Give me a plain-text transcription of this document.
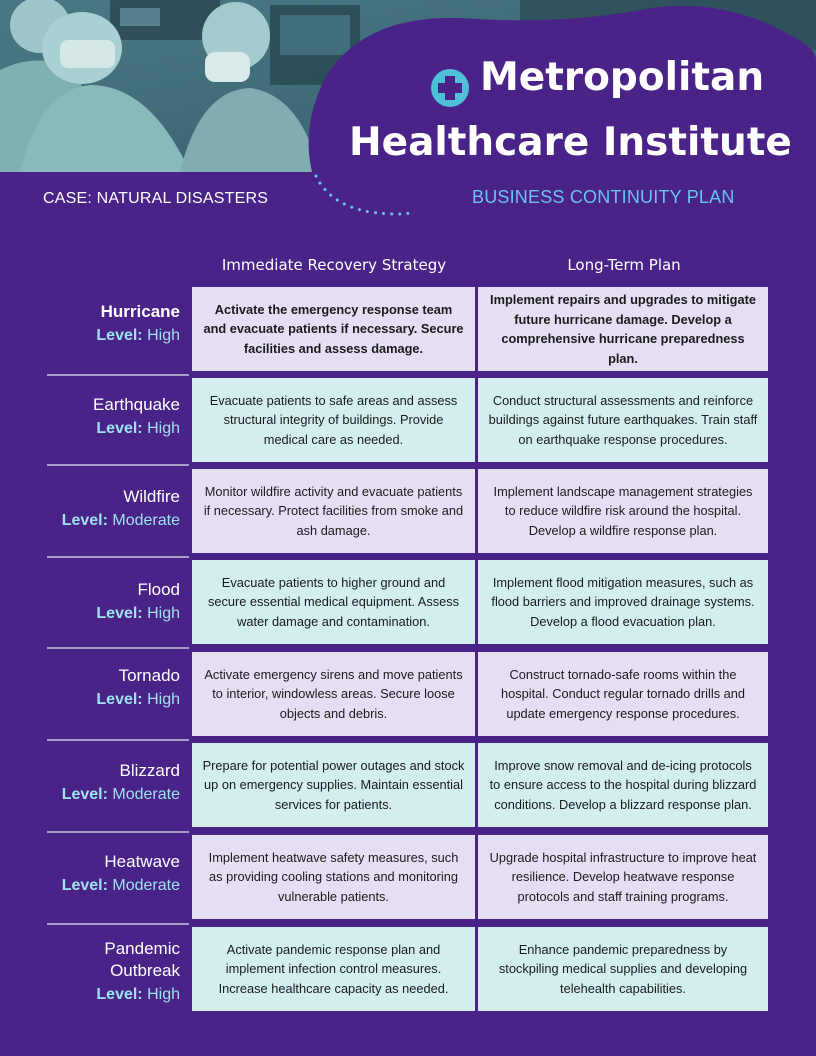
Metropolitan
Healthcare Institute
BUSINESS CONTINUITY PLAN
CASE: NATURAL DISASTERS
Immediate Recovery Strategy	Long-Term Plan
Hurricane
Level: High
Activate the emergency response team and evacuate patients if necessary. Secure facilities and assess damage.
Implement repairs and upgrades to mitigate future hurricane damage. Develop a comprehensive hurricane preparedness plan.
Earthquake
Level: High
Evacuate patients to safe areas and assess structural integrity of buildings. Provide medical care as needed.
Conduct structural assessments and reinforce buildings against future earthquakes. Train staff on earthquake response procedures.
Wildfire
Level: Moderate
Monitor wildfire activity and evacuate patients if necessary. Protect facilities from smoke and ash damage.
Implement landscape management strategies to reduce wildfire risk around the hospital. Develop a wildfire response plan.
Flood
Level: High
Evacuate patients to higher ground and secure essential medical equipment. Assess water damage and contamination.
Implement flood mitigation measures, such as flood barriers and improved drainage systems. Develop a flood evacuation plan.
Tornado
Level: High
Activate emergency sirens and move patients to interior, windowless areas. Secure loose objects and debris.
Construct tornado-safe rooms within the hospital. Conduct regular tornado drills and update emergency response procedures.
Blizzard
Level: Moderate
Prepare for potential power outages and stock up on emergency supplies. Maintain essential services for patients.
Improve snow removal and de-icing protocols to ensure access to the hospital during blizzard conditions. Develop a blizzard response plan.
Heatwave
Level: Moderate
Implement heatwave safety measures, such as providing cooling stations and monitoring vulnerable patients.
Upgrade hospital infrastructure to improve heat resilience. Develop heatwave response protocols and staff training programs.
Pandemic
Outbreak
Level: High
Activate pandemic response plan and implement infection control measures. Increase healthcare capacity as needed.
Enhance pandemic preparedness by stockpiling medical supplies and developing telehealth capabilities.
